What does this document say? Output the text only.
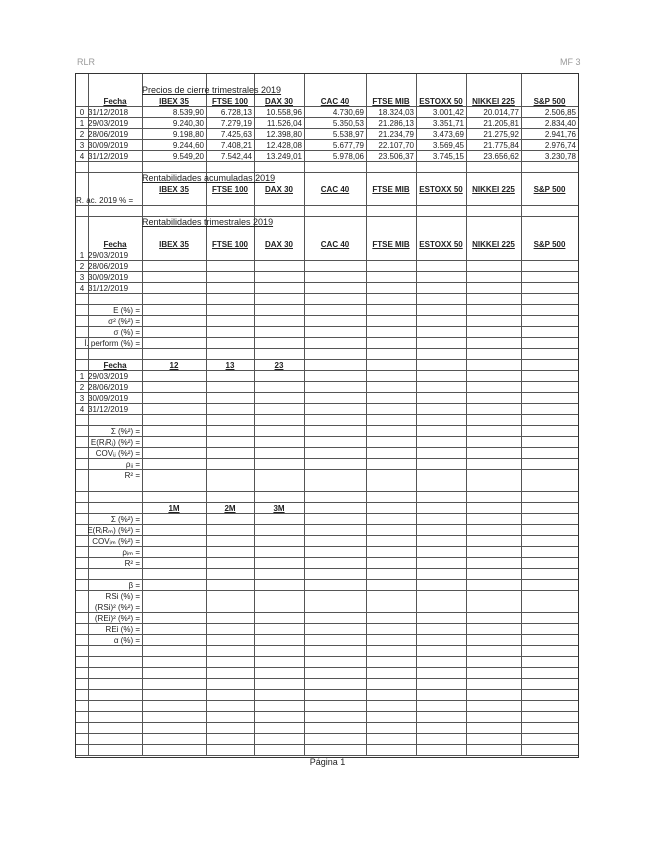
RLR	MF 3
Precios de cierre trimestrales 2019
Fecha	IBEX 35	FTSE 100	DAX 30	CAC 40	FTSE MIB	ESTOXX 50	NIKKEI 225	S&P 500
0 31/12/2018	8.539,90	6.728,13	10.558,96	4.730,69	18.324,03	3.001,42	20.014,77	2.506,85
1 29/03/2019	9.240,30	7.279,19	11.526,04	5.350,53	21.286,13	3.351,71	21.205,81	2.834,40
2 28/06/2019	9.198,80	7.425,63	12.398,80	5.538,97	21.234,79	3.473,69	21.275,92	2.941,76
3 30/09/2019	9.244,60	7.408,21	12.428,08	5.677,79	22.107,70	3.569,45	21.775,84	2.976,74
4 31/12/2019	9.549,20	7.542,44	13.249,01	5.978,06	23.506,37	3.745,15	23.656,62	3.230,78
Rentabilidades acumuladas 2019
IBEX 35	FTSE 100	DAX 30	CAC 40	FTSE MIB	ESTOXX 50	NIKKEI 225	S&P 500
R. ac. 2019 % =
Rentabilidades trimestrales 2019
Fecha	IBEX 35	FTSE 100	DAX 30	CAC 40	FTSE MIB	ESTOXX 50	NIKKEI 225	S&P 500
1 29/03/2019
2 28/06/2019
3 30/09/2019
4 31/12/2019
E (%) =
σ² (%²) =
σ (%) =
Í. perform (%) =
Fecha	12	13	23
1 29/03/2019
2 28/06/2019
3 30/09/2019
4 31/12/2019
Σ (%²) =
E(RᵢRⱼ) (%²) =
COVᵢⱼ (%²) =
ρᵢⱼ =
R² =
1M	2M	3M
Σ (%²) =
E(RᵢRₘ) (%²) =
COVᵢₘ (%²) =
ρᵢₘ =
R² =
β =
RSi (%) =
(RSi)² (%²) =
(REi)² (%²) =
REi (%) =
α (%) =
Página 1
